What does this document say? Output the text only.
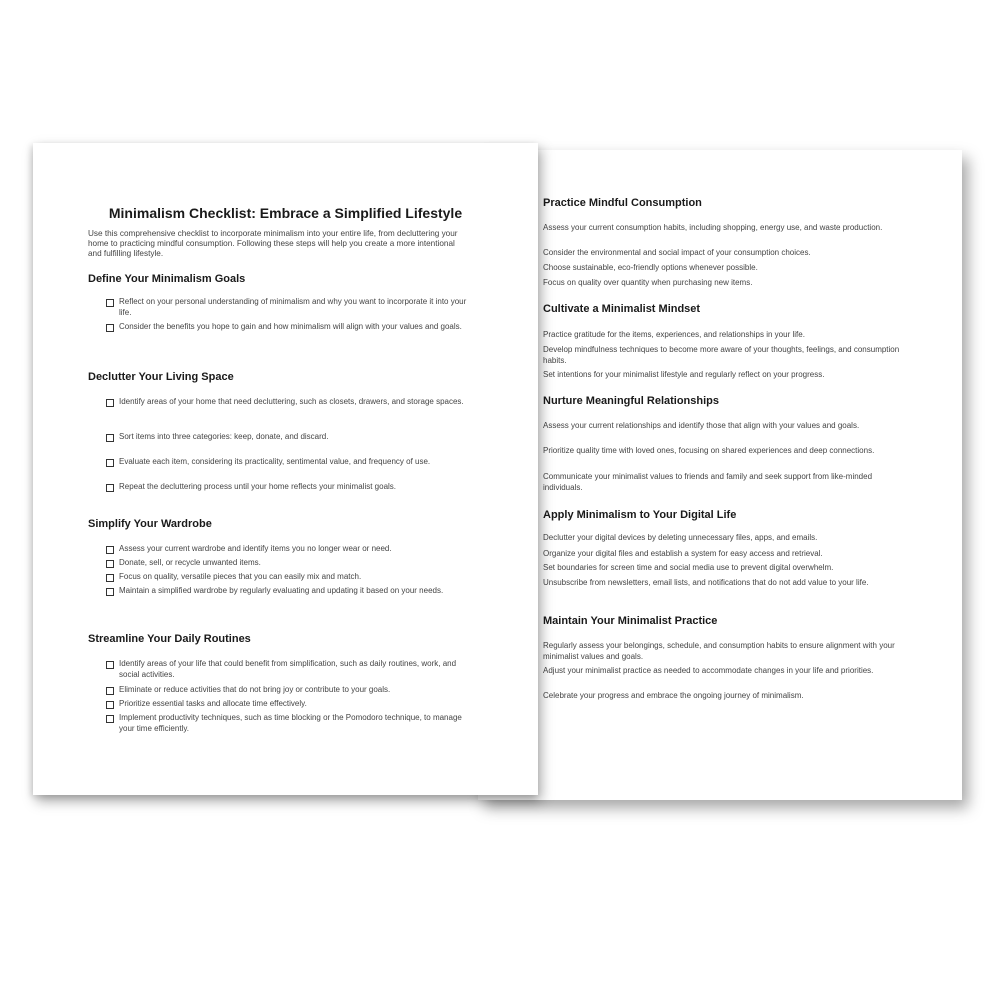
Practice Mindful Consumption
Assess your current consumption habits, including shopping, energy use, and waste production.
Consider the environmental and social impact of your consumption choices.
Choose sustainable, eco-friendly options whenever possible.
Focus on quality over quantity when purchasing new items.
Cultivate a Minimalist Mindset
Practice gratitude for the items, experiences, and relationships in your life.
Develop mindfulness techniques to become more aware of your thoughts, feelings, and consumption habits.
Set intentions for your minimalist lifestyle and regularly reflect on your progress.
Nurture Meaningful Relationships
Assess your current relationships and identify those that align with your values and goals.
Prioritize quality time with loved ones, focusing on shared experiences and deep connections.
Communicate your minimalist values to friends and family and seek support from like-minded individuals.
Apply Minimalism to Your Digital Life
Declutter your digital devices by deleting unnecessary files, apps, and emails.
Organize your digital files and establish a system for easy access and retrieval.
Set boundaries for screen time and social media use to prevent digital overwhelm.
Unsubscribe from newsletters, email lists, and notifications that do not add value to your life.
Maintain Your Minimalist Practice
Regularly assess your belongings, schedule, and consumption habits to ensure alignment with your minimalist values and goals.
Adjust your minimalist practice as needed to accommodate changes in your life and priorities.
Celebrate your progress and embrace the ongoing journey of minimalism.
Minimalism Checklist: Embrace a Simplified Lifestyle
Use this comprehensive checklist to incorporate minimalism into your entire life, from decluttering your home to practicing mindful consumption. Following these steps will help you create a more intentional and fulfilling lifestyle.
Define Your Minimalism Goals
Reflect on your personal understanding of minimalism and why you want to incorporate it into your life.
Consider the benefits you hope to gain and how minimalism will align with your values and goals.
Declutter Your Living Space
Identify areas of your home that need decluttering, such as closets, drawers, and storage spaces.
Sort items into three categories: keep, donate, and discard.
Evaluate each item, considering its practicality, sentimental value, and frequency of use.
Repeat the decluttering process until your home reflects your minimalist goals.
Simplify Your Wardrobe
Assess your current wardrobe and identify items you no longer wear or need.
Donate, sell, or recycle unwanted items.
Focus on quality, versatile pieces that you can easily mix and match.
Maintain a simplified wardrobe by regularly evaluating and updating it based on your needs.
Streamline Your Daily Routines
Identify areas of your life that could benefit from simplification, such as daily routines, work, and social activities.
Eliminate or reduce activities that do not bring joy or contribute to your goals.
Prioritize essential tasks and allocate time effectively.
Implement productivity techniques, such as time blocking or the Pomodoro technique, to manage your time efficiently.
